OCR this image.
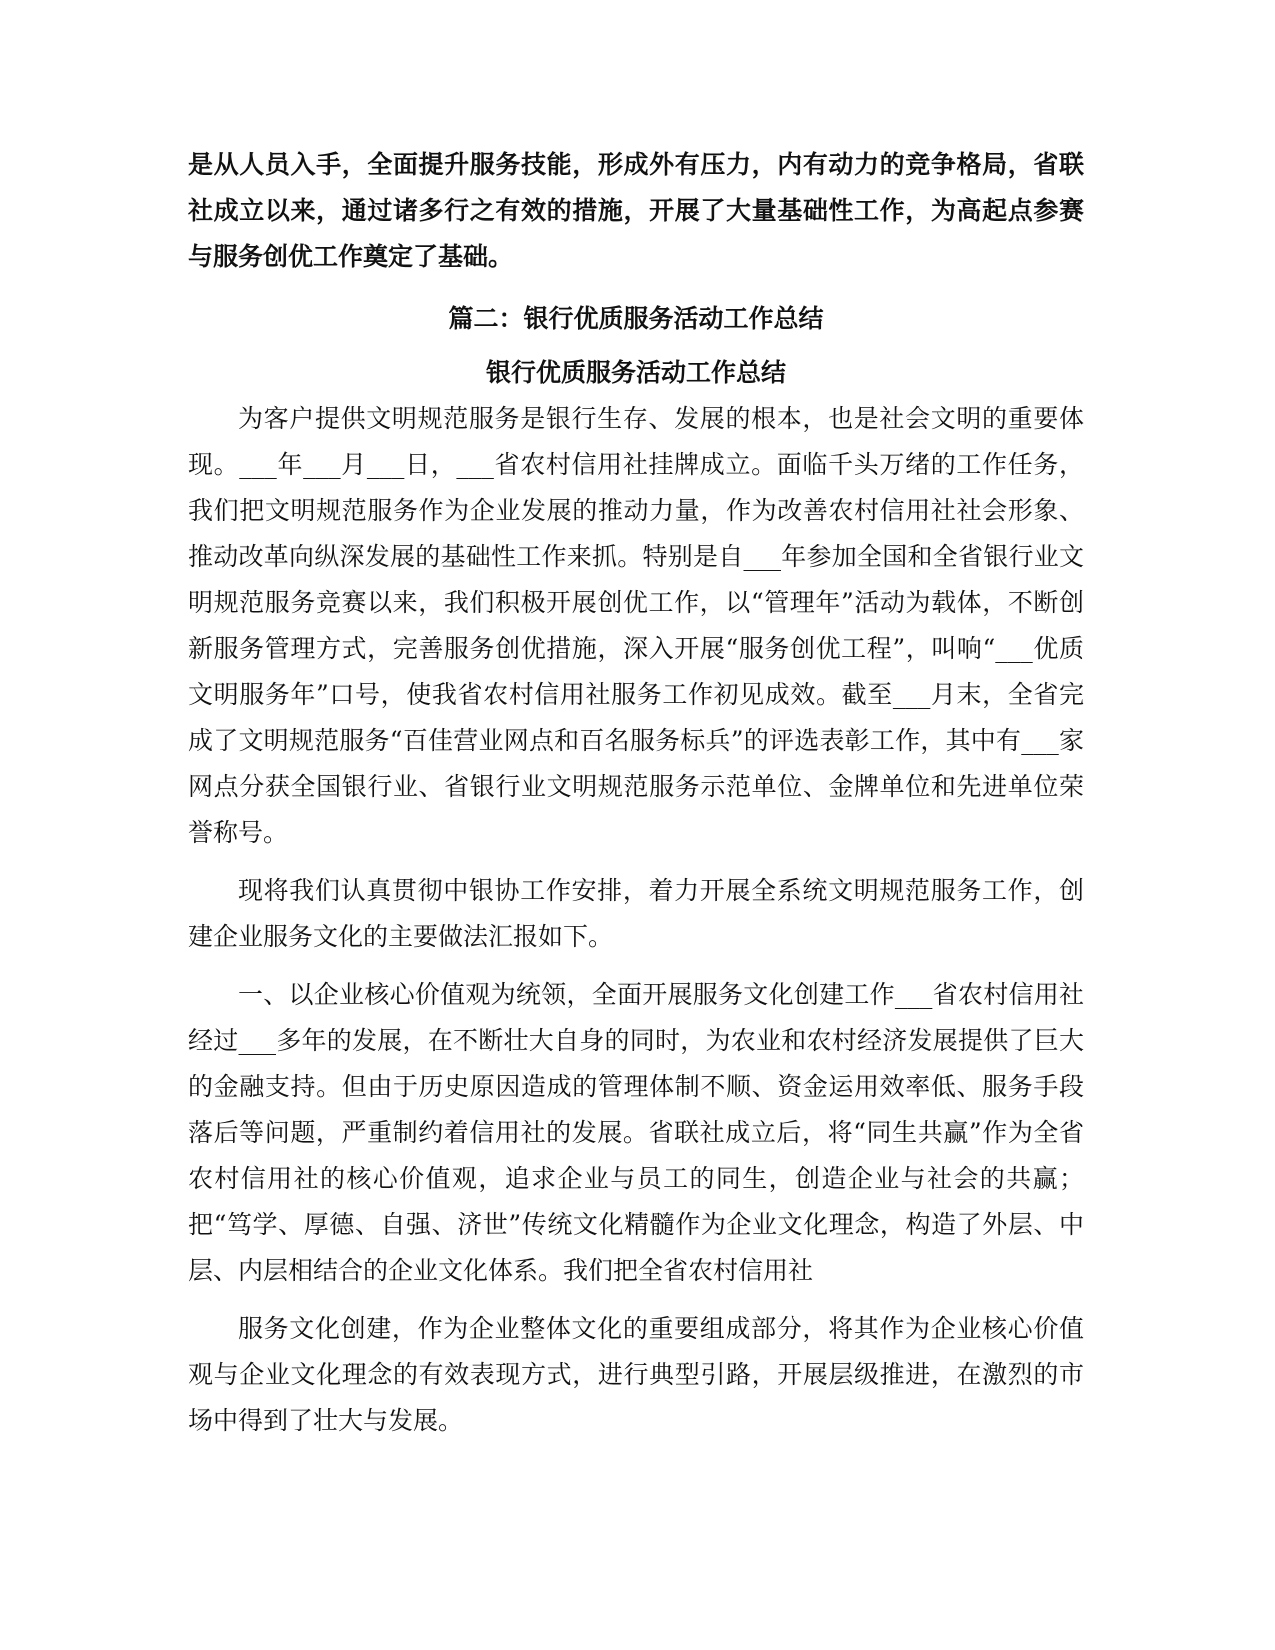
是从人员入手，全面提升服务技能，形成外有压力，内有动力的竞争格局，省联社成立以来，通过诸多行之有效的措施，开展了大量基础性工作，为高起点参赛与服务创优工作奠定了基础。

篇二：银行优质服务活动工作总结
银行优质服务活动工作总结

为客户提供文明规范服务是银行生存、发展的根本，也是社会文明的重要体现。___年___月___日，___省农村信用社挂牌成立。面临千头万绪的工作任务，我们把文明规范服务作为企业发展的推动力量，作为改善农村信用社社会形象、推动改革向纵深发展的基础性工作来抓。特别是自___年参加全国和全省银行业文明规范服务竞赛以来，我们积极开展创优工作，以“管理年”活动为载体，不断创新服务管理方式，完善服务创优措施，深入开展“服务创优工程”，叫响“___优质文明服务年”口号，使我省农村信用社服务工作初见成效。截至___月末，全省完成了文明规范服务“百佳营业网点和百名服务标兵”的评选表彰工作，其中有___家网点分获全国银行业、省银行业文明规范服务示范单位、金牌单位和先进单位荣誉称号。

现将我们认真贯彻中银协工作安排，着力开展全系统文明规范服务工作，创建企业服务文化的主要做法汇报如下。

一、以企业核心价值观为统领，全面开展服务文化创建工作___省农村信用社经过___多年的发展，在不断壮大自身的同时，为农业和农村经济发展提供了巨大的金融支持。但由于历史原因造成的管理体制不顺、资金运用效率低、服务手段落后等问题，严重制约着信用社的发展。省联社成立后，将“同生共赢”作为全省农村信用社的核心价值观，追求企业与员工的同生，创造企业与社会的共赢；把“笃学、厚德、自强、济世”传统文化精髓作为企业文化理念，构造了外层、中层、内层相结合的企业文化体系。我们把全省农村信用社

服务文化创建，作为企业整体文化的重要组成部分，将其作为企业核心价值观与企业文化理念的有效表现方式，进行典型引路，开展层级推进，在激烈的市场中得到了壮大与发展。
